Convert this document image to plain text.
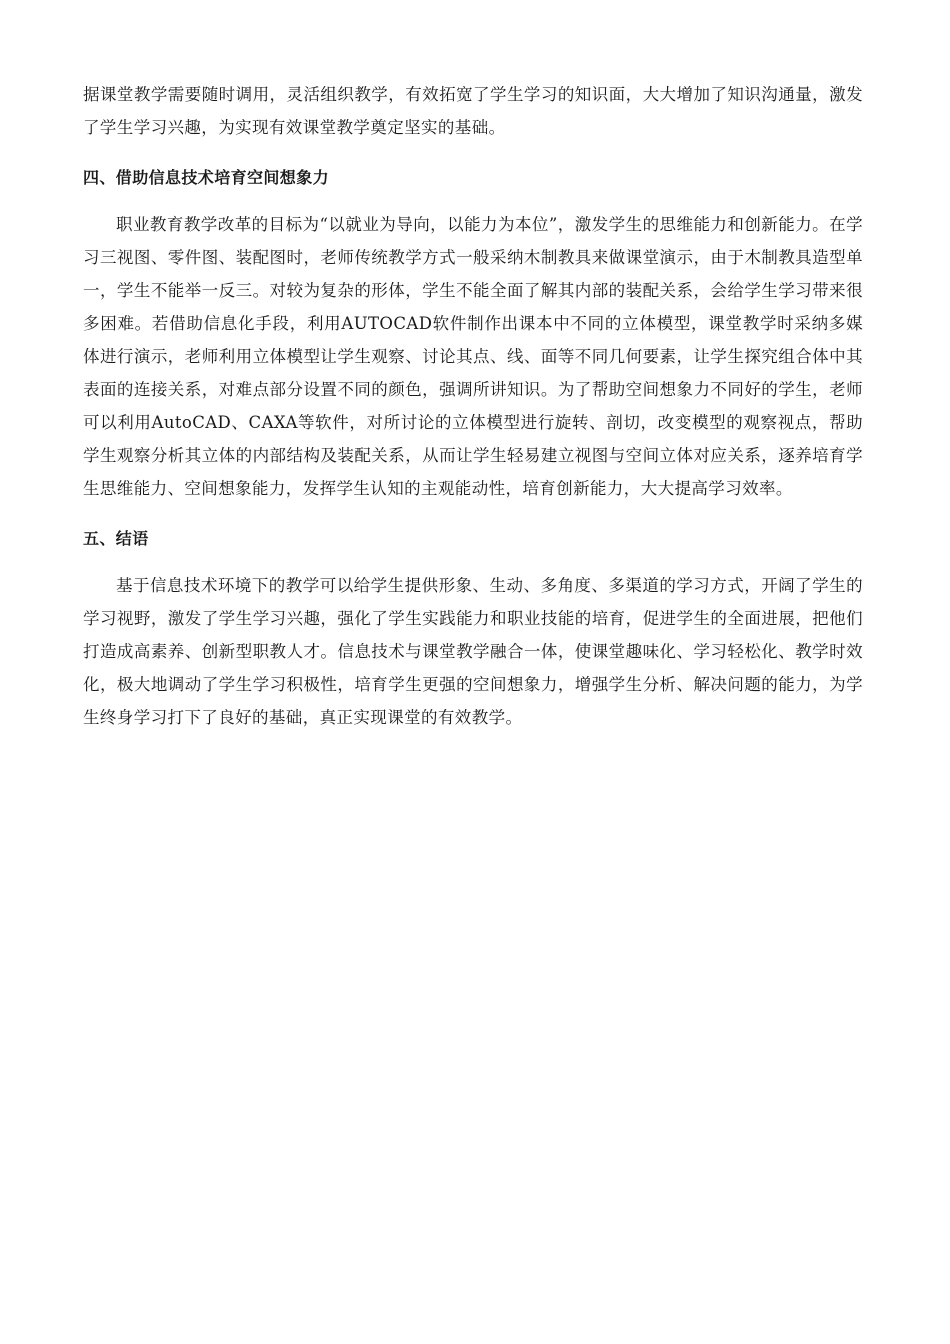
据课堂教学需要随时调用，灵活组织教学，有效拓宽了学生学习的知识面，大大增加了知识沟通量，激发了学生学习兴趣，为实现有效课堂教学奠定坚实的基础。

四、借助信息技术培育空间想象力

职业教育教学改革的目标为“以就业为导向，以能力为本位”，激发学生的思维能力和创新能力。在学习三视图、零件图、装配图时，老师传统教学方式一般采纳木制教具来做课堂演示，由于木制教具造型单一，学生不能举一反三。对较为复杂的形体，学生不能全面了解其内部的装配关系，会给学生学习带来很多困难。若借助信息化手段，利用AUTOCAD软件制作出课本中不同的立体模型，课堂教学时采纳多媒体进行演示，老师利用立体模型让学生观察、讨论其点、线、面等不同几何要素，让学生探究组合体中其表面的连接关系，对难点部分设置不同的颜色，强调所讲知识。为了帮助空间想象力不同好的学生，老师可以利用AutoCAD、CAXA等软件，对所讨论的立体模型进行旋转、剖切，改变模型的观察视点，帮助学生观察分析其立体的内部结构及装配关系，从而让学生轻易建立视图与空间立体对应关系，逐养培育学生思维能力、空间想象能力，发挥学生认知的主观能动性，培育创新能力，大大提高学习效率。

五、结语

基于信息技术环境下的教学可以给学生提供形象、生动、多角度、多渠道的学习方式，开阔了学生的学习视野，激发了学生学习兴趣，强化了学生实践能力和职业技能的培育，促进学生的全面进展，把他们打造成高素养、创新型职教人才。信息技术与课堂教学融合一体，使课堂趣味化、学习轻松化、教学时效化，极大地调动了学生学习积极性，培育学生更强的空间想象力，增强学生分析、解决问题的能力，为学生终身学习打下了良好的基础，真正实现课堂的有效教学。
